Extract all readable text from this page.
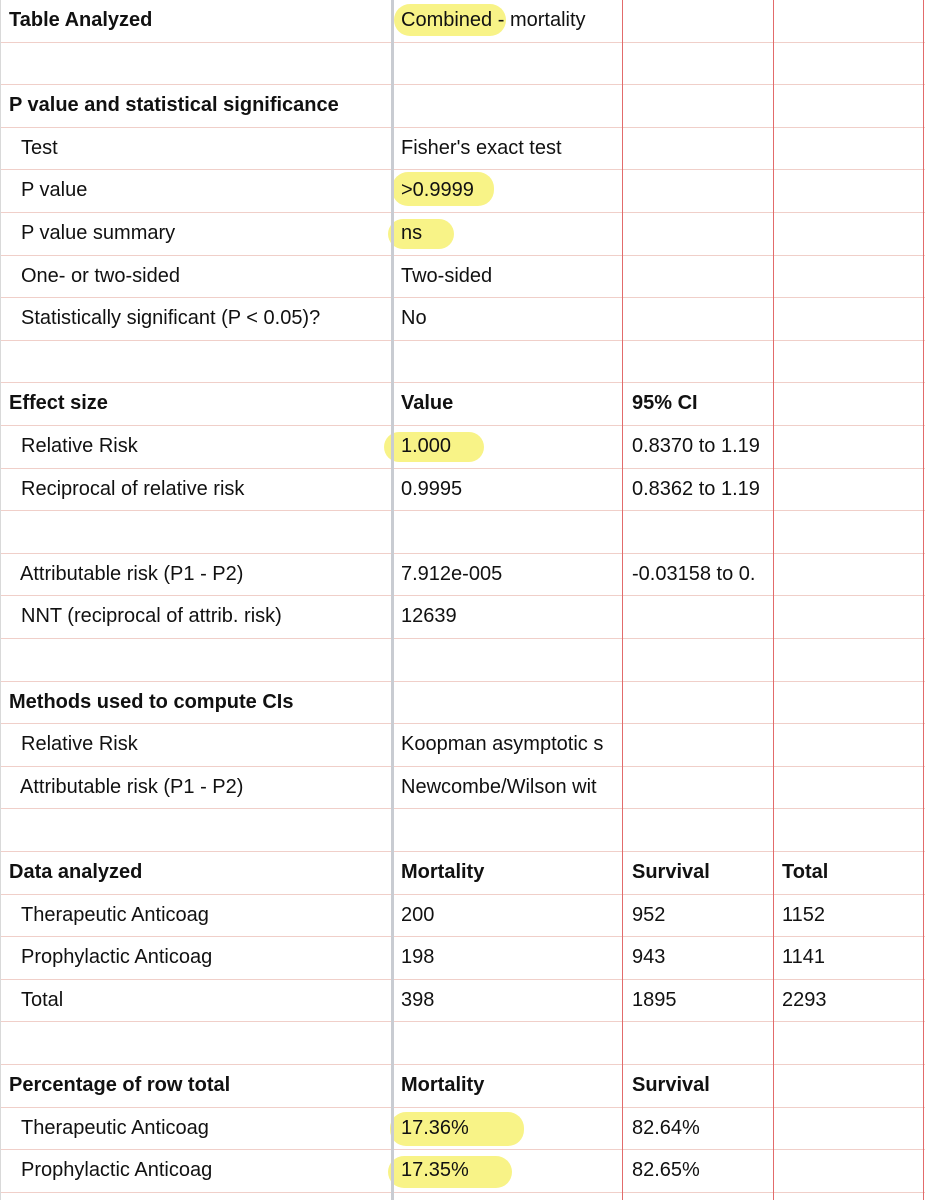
Table Analyzed	Combined - mortality
P value and statistical significance
Test	Fisher's exact test
P value	>0.9999
P value summary	ns
One- or two-sided	Two-sided
Statistically significant (P < 0.05)?	No
Effect size	Value	95% CI
Relative Risk	1.000	0.8370 to 1.19
Reciprocal of relative risk	0.9995	0.8362 to 1.19
Attributable risk (P1 - P2)	7.912e-005	-0.03158 to 0.
NNT (reciprocal of attrib. risk)	12639
Methods used to compute CIs
Relative Risk	Koopman asymptotic s
Attributable risk (P1 - P2)	Newcombe/Wilson wit
Data analyzed	Mortality	Survival	Total
Therapeutic Anticoag	200	952	1152
Prophylactic Anticoag	198	943	1141
Total	398	1895	2293
Percentage of row total	Mortality	Survival
Therapeutic Anticoag	17.36%	82.64%
Prophylactic Anticoag	17.35%	82.65%
